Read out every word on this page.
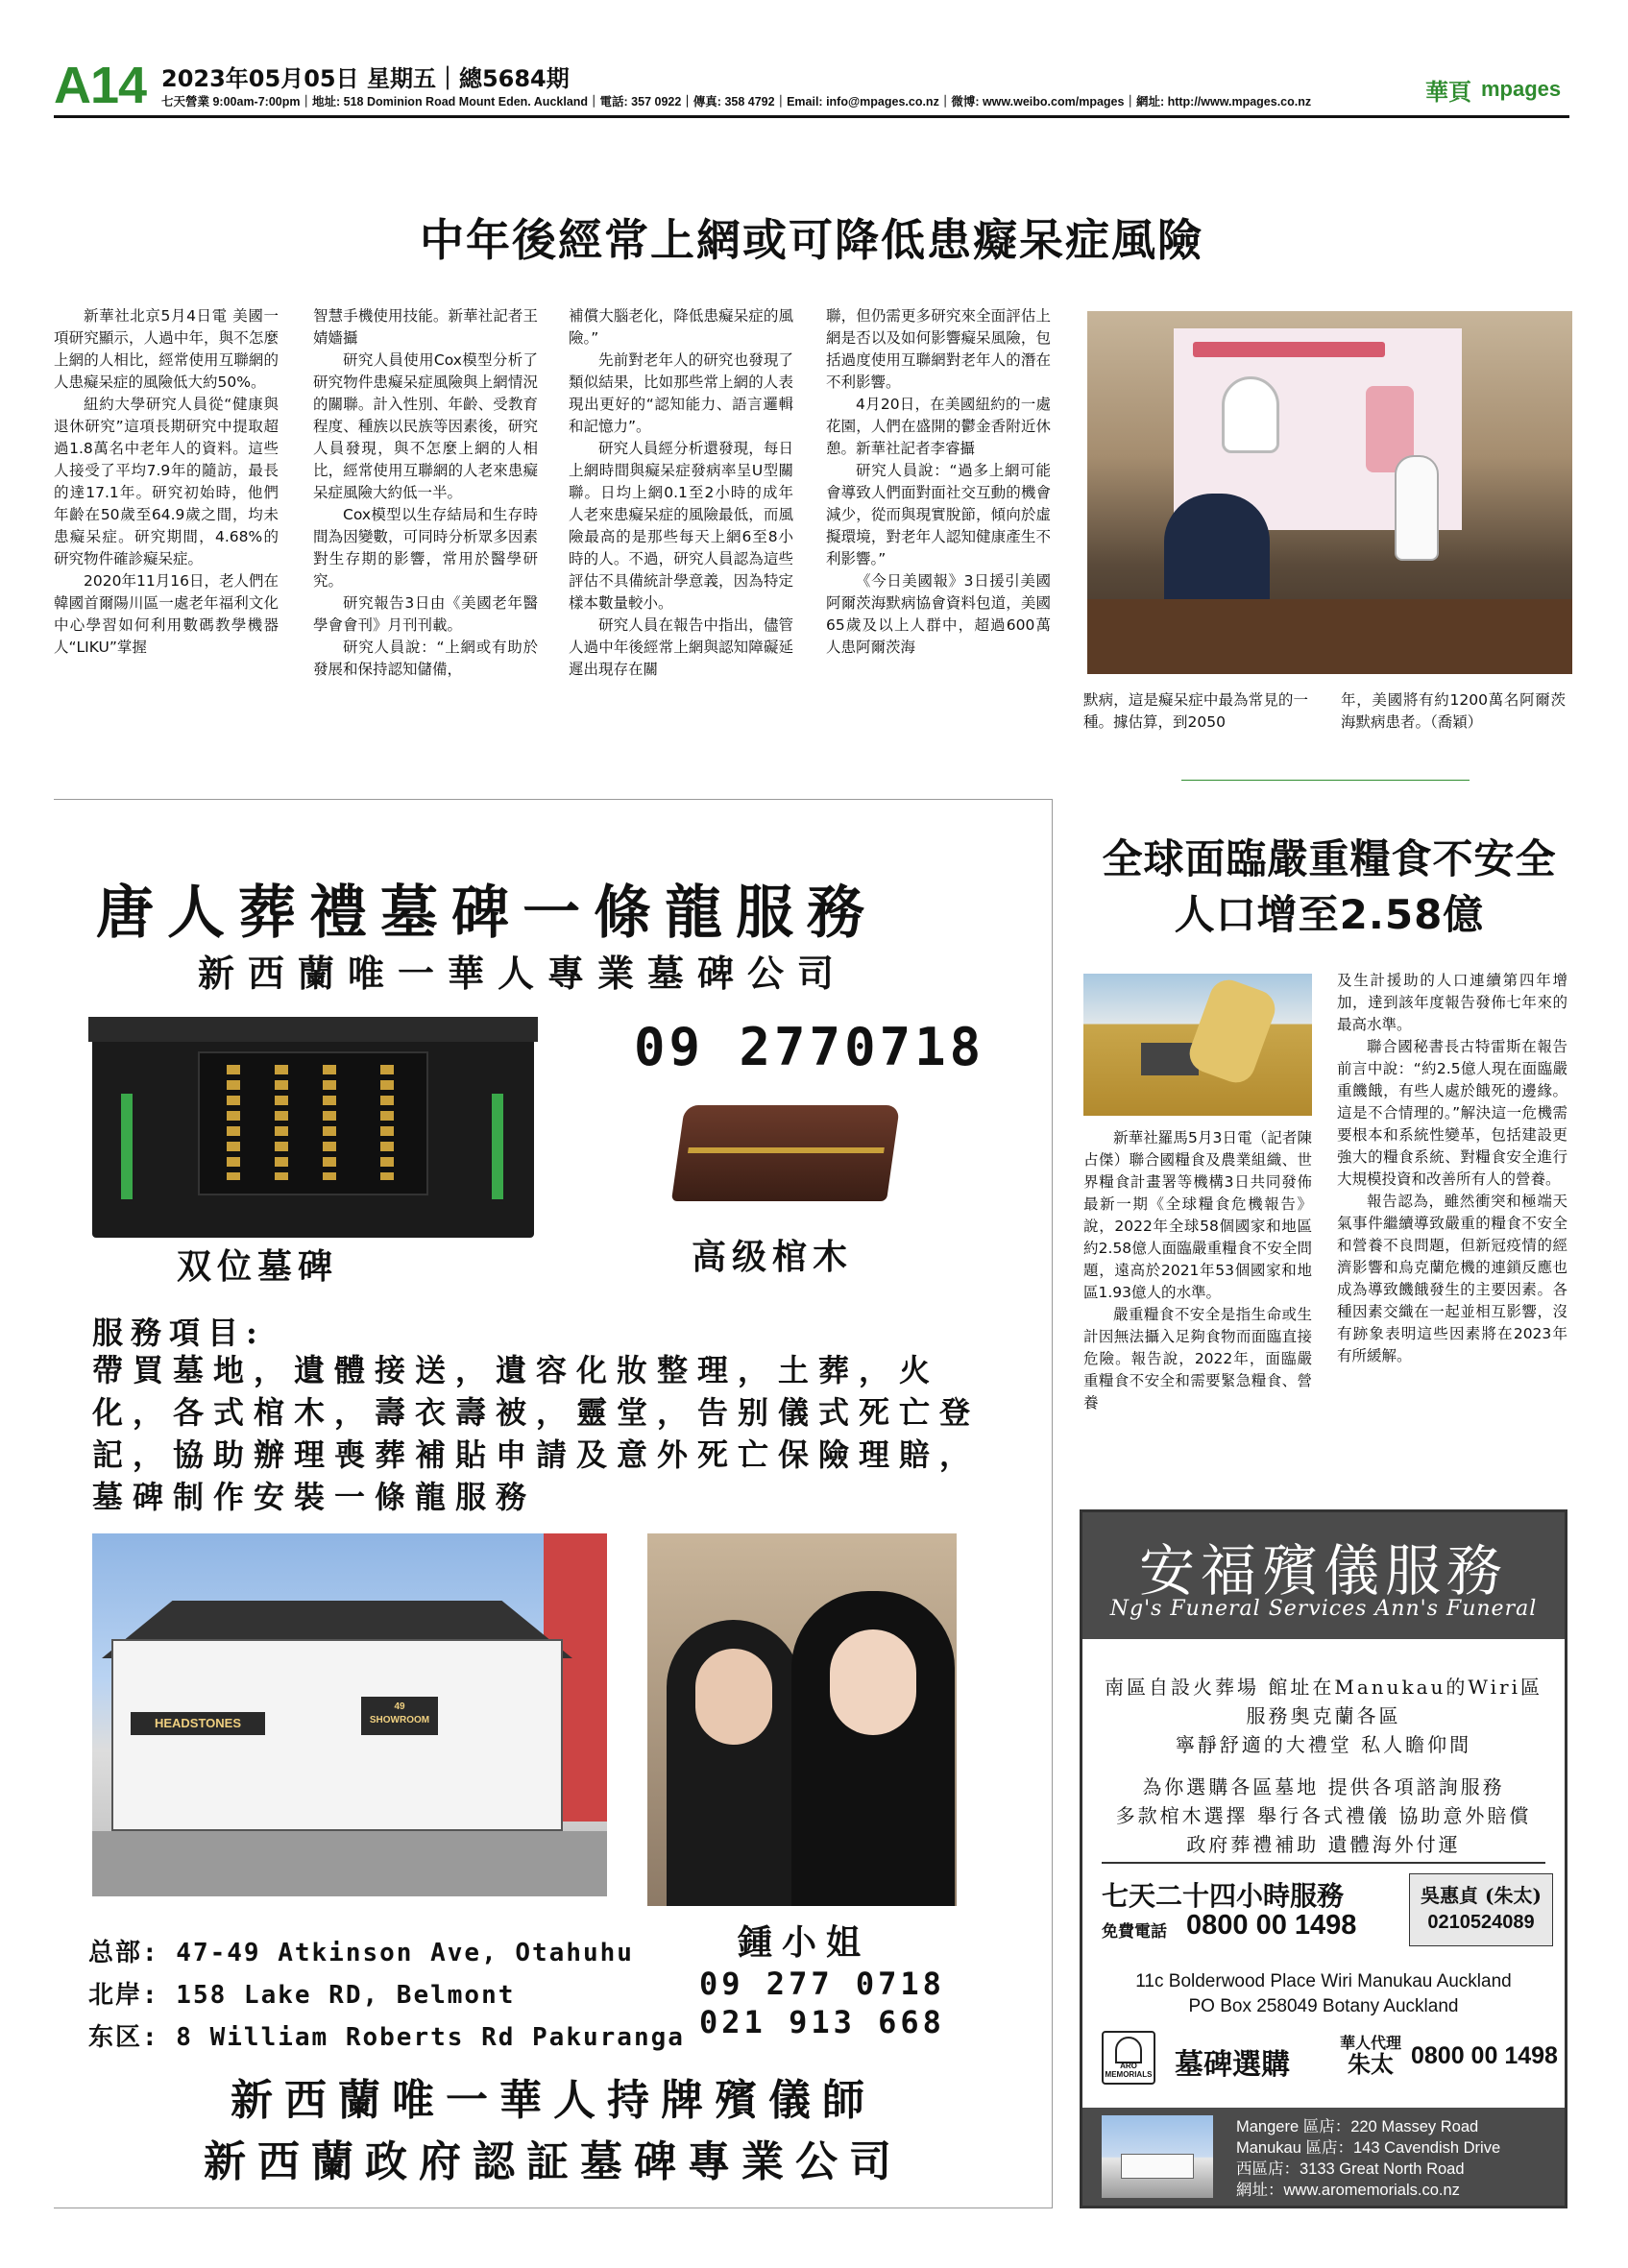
A14 2023年05月05日 星期五｜總5684期
七天營業 9:00am-7:00pm｜地址: 518 Dominion Road Mount Eden. Auckland｜電話: 357 0922｜傳真: 358 4792｜Email: info@mpages.co.nz｜微博: www.weibo.com/mpages｜網址: http://www.mpages.co.nz	華頁 mpages
中年後經常上網或可降低患癡呆症風險

新華社北京5月4日電 美國一項研究顯示，人過中年，與不怎麼上網的人相比，經常使用互聯網的人患癡呆症的風險低大約50%。

紐約大學研究人員從“健康與退休研究”這項長期研究中提取超過1.8萬名中老年人的資料。這些人接受了平均7.9年的隨訪，最長的達17.1年。研究初始時，他們年齡在50歲至64.9歲之間，均未患癡呆症。研究期間，4.68%的研究物件確診癡呆症。

2020年11月16日，老人們在韓國首爾陽川區一處老年福利文化中心學習如何利用數碼教學機器人“LIKU”掌握

智慧手機使用技能。新華社記者王婧嬙攝

研究人員使用Cox模型分析了研究物件患癡呆症風險與上網情況的關聯。計入性別、年齡、受教育程度、種族以民族等因素後，研究人員發現，與不怎麼上網的人相比，經常使用互聯網的人老來患癡呆症風險大約低一半。

Cox模型以生存結局和生存時間為因變數，可同時分析眾多因素對生存期的影響，常用於醫學研究。

研究報告3日由《美國老年醫學會會刊》月刊刊載。

研究人員說：“上網或有助於發展和保持認知儲備，

補償大腦老化，降低患癡呆症的風險。”

先前對老年人的研究也發現了類似結果，比如那些常上網的人表現出更好的“認知能力、語言邏輯和記憶力”。

研究人員經分析還發現，每日上網時間與癡呆症發病率呈U型關聯。日均上網0.1至2小時的成年人老來患癡呆症的風險最低，而風險最高的是那些每天上網6至8小時的人。不過，研究人員認為這些評估不具備統計學意義，因為特定樣本數量較小。

研究人員在報告中指出，儘管人過中年後經常上網與認知障礙延遲出現存在關

聯，但仍需更多研究來全面評估上網是否以及如何影響癡呆風險，包括過度使用互聯網對老年人的潛在不利影響。

4月20日，在美國紐約的一處花園，人們在盛開的鬱金香附近休憩。新華社記者李睿攝

研究人員說：“過多上網可能會導致人們面對面社交互動的機會減少，從而與現實脫節，傾向於虛擬環境，對老年人認知健康產生不利影響。”

《今日美國報》3日援引美國阿爾茨海默病協會資料包道，美國65歲及以上人群中，超過600萬人患阿爾茨海

默病，這是癡呆症中最為常見的一種。據估算，到2050
年，美國將有約1200萬名阿爾茨海默病患者。（喬穎）
唐人葬禮墓碑一條龍服務
新西蘭唯一華人專業墓碑公司
09 2770718
双位墓碑	高级棺木
服務項目:
帶買墓地，遺體接送，遺容化妝整理，土葬，火化，各式棺木，壽衣壽被，靈堂，告别儀式死亡登記，協助辦理喪葬補貼申請及意外死亡保險理賠，墓碑制作安裝一條龍服務
HEADSTONES
49
SHOWROOM
总部: 47-49 Atkinson Ave, Otahuhu
北岸: 158 Lake RD, Belmont
东区: 8 William Roberts Rd Pakuranga
鍾小姐
09 277 0718
021 913 668
新西蘭唯一華人持牌殯儀師
新西蘭政府認証墓碑專業公司
全球面臨嚴重糧食不安全
人口增至2.58億

新華社羅馬5月3日電（記者陳占傑）聯合國糧食及農業組織、世界糧食計畫署等機構3日共同發佈最新一期《全球糧食危機報告》說，2022年全球58個國家和地區約2.58億人面臨嚴重糧食不安全問題，遠高於2021年53個國家和地區1.93億人的水準。

嚴重糧食不安全是指生命或生計因無法攝入足夠食物而面臨直接危險。報告說，2022年，面臨嚴重糧食不安全和需要緊急糧食、營養

及生計援助的人口連續第四年增加，達到該年度報告發佈七年來的最高水準。

聯合國秘書長古特雷斯在報告前言中說：“約2.5億人現在面臨嚴重饑餓，有些人處於餓死的邊緣。這是不合情理的。”解決這一危機需要根本和系統性變革，包括建設更強大的糧食系統、對糧食安全進行大規模投資和改善所有人的營養。

報告認為，雖然衝突和極端天氣事件繼續導致嚴重的糧食不安全和營養不良問題，但新冠疫情的經濟影響和烏克蘭危機的連鎖反應也成為導致饑餓發生的主要因素。各種因素交織在一起並相互影響，沒有跡象表明這些因素將在2023年有所緩解。

安福殯儀服務
Ng's Funeral Services Ann's Funeral
南區自設火葬場 館址在Manukau的Wiri區
服務奥克蘭各區
寧靜舒適的大禮堂 私人瞻仰間
為你選購各區墓地 提供各項諮詢服務
多款棺木選擇 舉行各式禮儀 協助意外賠償
政府葬禮補助 遺體海外付運
七天二十四小時服務
免費電話 0800 00 1498
吳惠貞 (朱太)
0210524089
11c Bolderwood Place Wiri Manukau Auckland
PO Box 258049 Botany Auckland
ARO MEMORIALS 墓碑選購
華人代理
朱太 0800 00 1498
Mangere 區店：220 Massey Road
Manukau 區店：143 Cavendish Drive
西區店：3133 Great North Road
網址：www.aromemorials.co.nz
